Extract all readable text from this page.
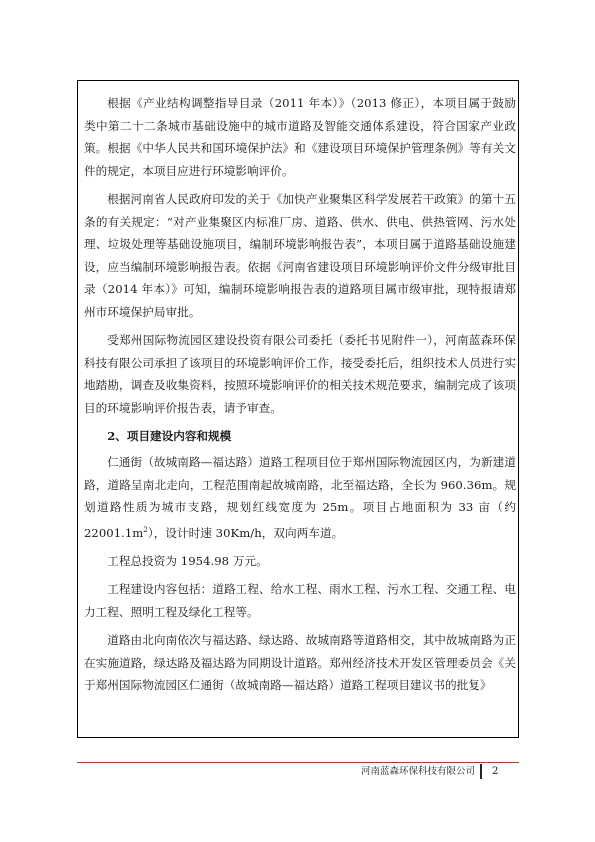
根据《产业结构调整指导目录（2011 年本）》（2013 修正），本项目属于鼓励类中第二十二条城市基础设施中的城市道路及智能交通体系建设，符合国家产业政策。根据《中华人民共和国环境保护法》和《建设项目环境保护管理条例》等有关文件的规定，本项目应进行环境影响评价。

根据河南省人民政府印发的关于《加快产业聚集区科学发展若干政策》的第十五条的有关规定：“对产业集聚区内标准厂房、道路、供水、供电、供热管网、污水处理、垃圾处理等基础设施项目，编制环境影响报告表”，本项目属于道路基础设施建设，应当编制环境影响报告表。依据《河南省建设项目环境影响评价文件分级审批目录（2014 年本）》可知，编制环境影响报告表的道路项目属市级审批，现特报请郑州市环境保护局审批。

受郑州国际物流园区建设投资有限公司委托（委托书见附件一），河南蓝森环保科技有限公司承担了该项目的环境影响评价工作，接受委托后，组织技术人员进行实地踏勘，调查及收集资料，按照环境影响评价的相关技术规范要求，编制完成了该项目的环境影响评价报告表，请予审查。

2、项目建设内容和规模

仁通街（故城南路—福达路）道路工程项目位于郑州国际物流园区内，为新建道路，道路呈南北走向，工程范围南起故城南路，北至福达路，全长为 960.36m。规划道路性质为城市支路，规划红线宽度为 25m。项目占地面积为 33 亩（约 $22001.1m^2$），设计时速 30Km/h，双向两车道。

工程总投资为 1954.98 万元。

工程建设内容包括：道路工程、给水工程、雨水工程、污水工程、交通工程、电力工程、照明工程及绿化工程等。

道路由北向南依次与福达路、绿达路、故城南路等道路相交，其中故城南路为正在实施道路，绿达路及福达路为同期设计道路。郑州经济技术开发区管理委员会《关于郑州国际物流园区仁通街（故城南路—福达路）道路工程项目建议书的批复》

河南蓝森环保科技有限公司 2
